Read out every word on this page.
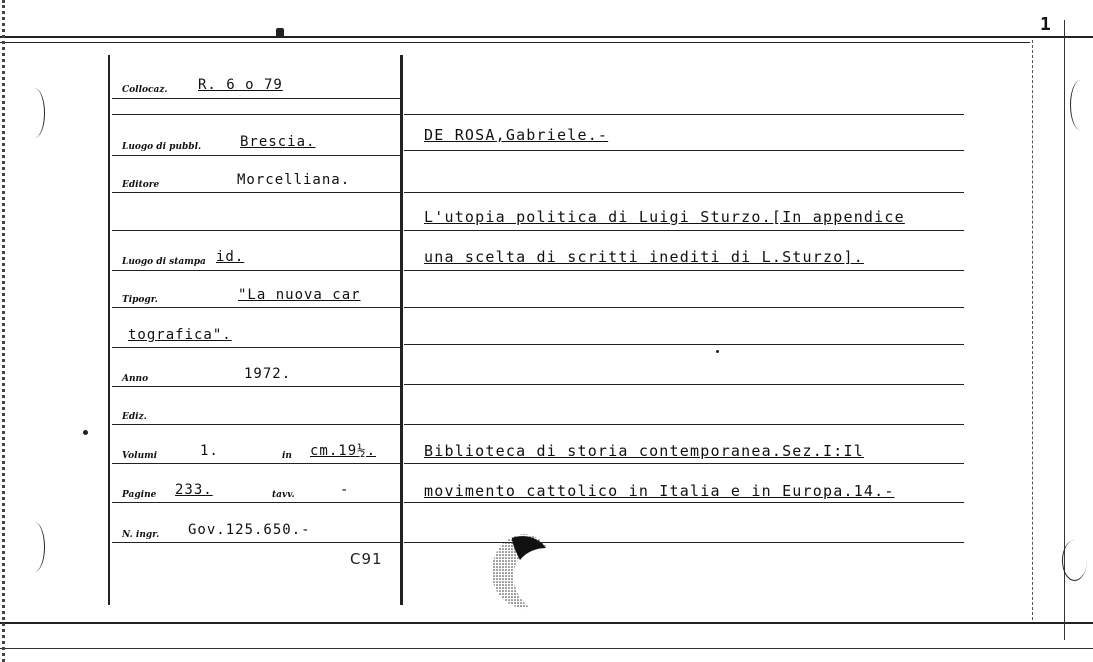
1
Collocaz. R. 6 o 79
Luogo di pubbl.	Brescia.
Editore	Morcelliana.
Luogo di stampa id.
Tipogr.	"La nuova car
tografica".
Anno	1972.
Ediz.
Volumi	1.	in cm.19½.
Pagine 233.	tavv.	-
N. ingr. Gov.125.650.-
C91
DE ROSA,Gabriele.-
L'utopia politica di Luigi Sturzo.[In appendice
una scelta di scritti inediti di L.Sturzo].
Biblioteca di storia contemporanea.Sez.I:Il
movimento cattolico in Italia e in Europa.14.-
